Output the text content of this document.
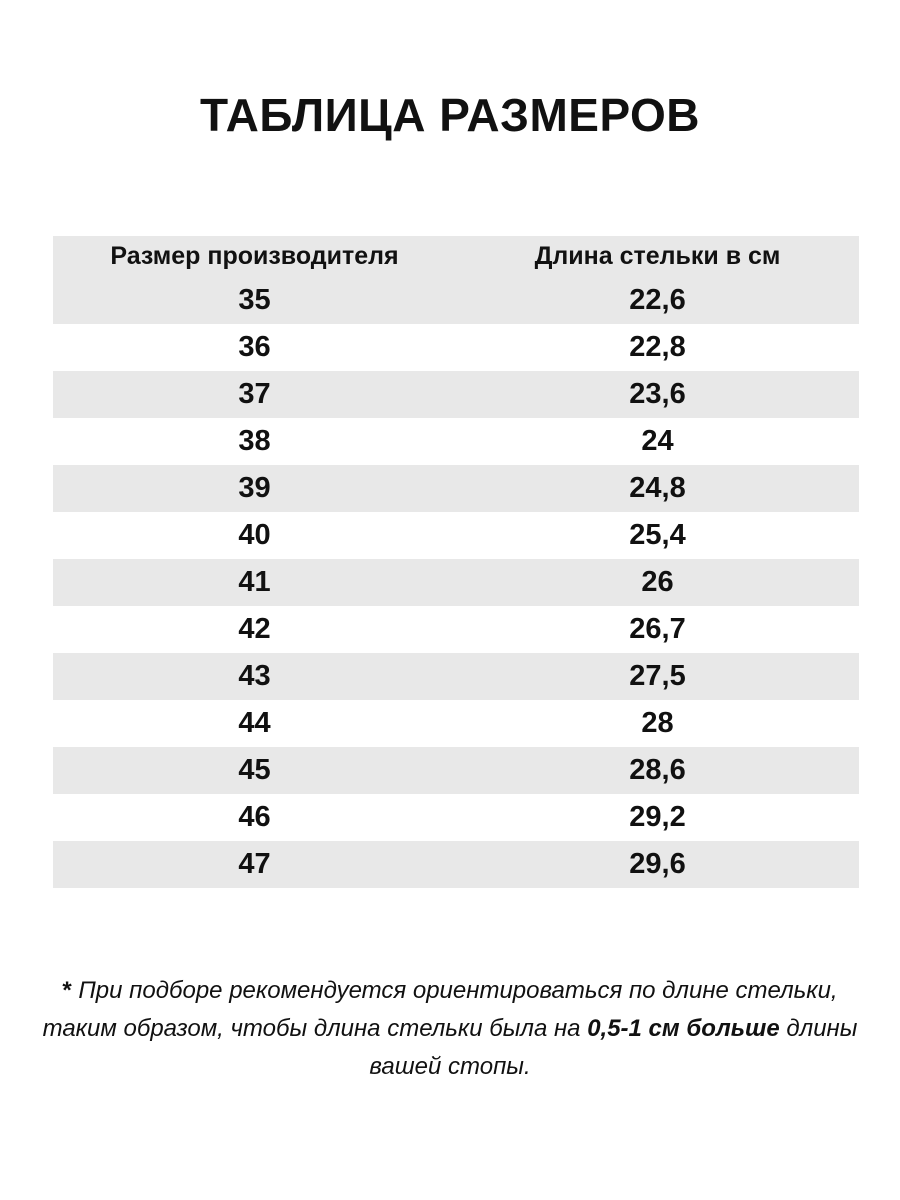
ТАБЛИЦА РАЗМЕРОВ
Размер производителя	Длина стельки в см
35	22,6
36	22,8
37	23,6
38	24
39	24,8
40	25,4
41	26
42	26,7
43	27,5
44	28
45	28,6
46	29,2
47	29,6

* При подборе рекомендуется ориентироваться по длине стельки, таким образом, чтобы длина стельки была на 0,5-1 см больше длины вашей стопы.
